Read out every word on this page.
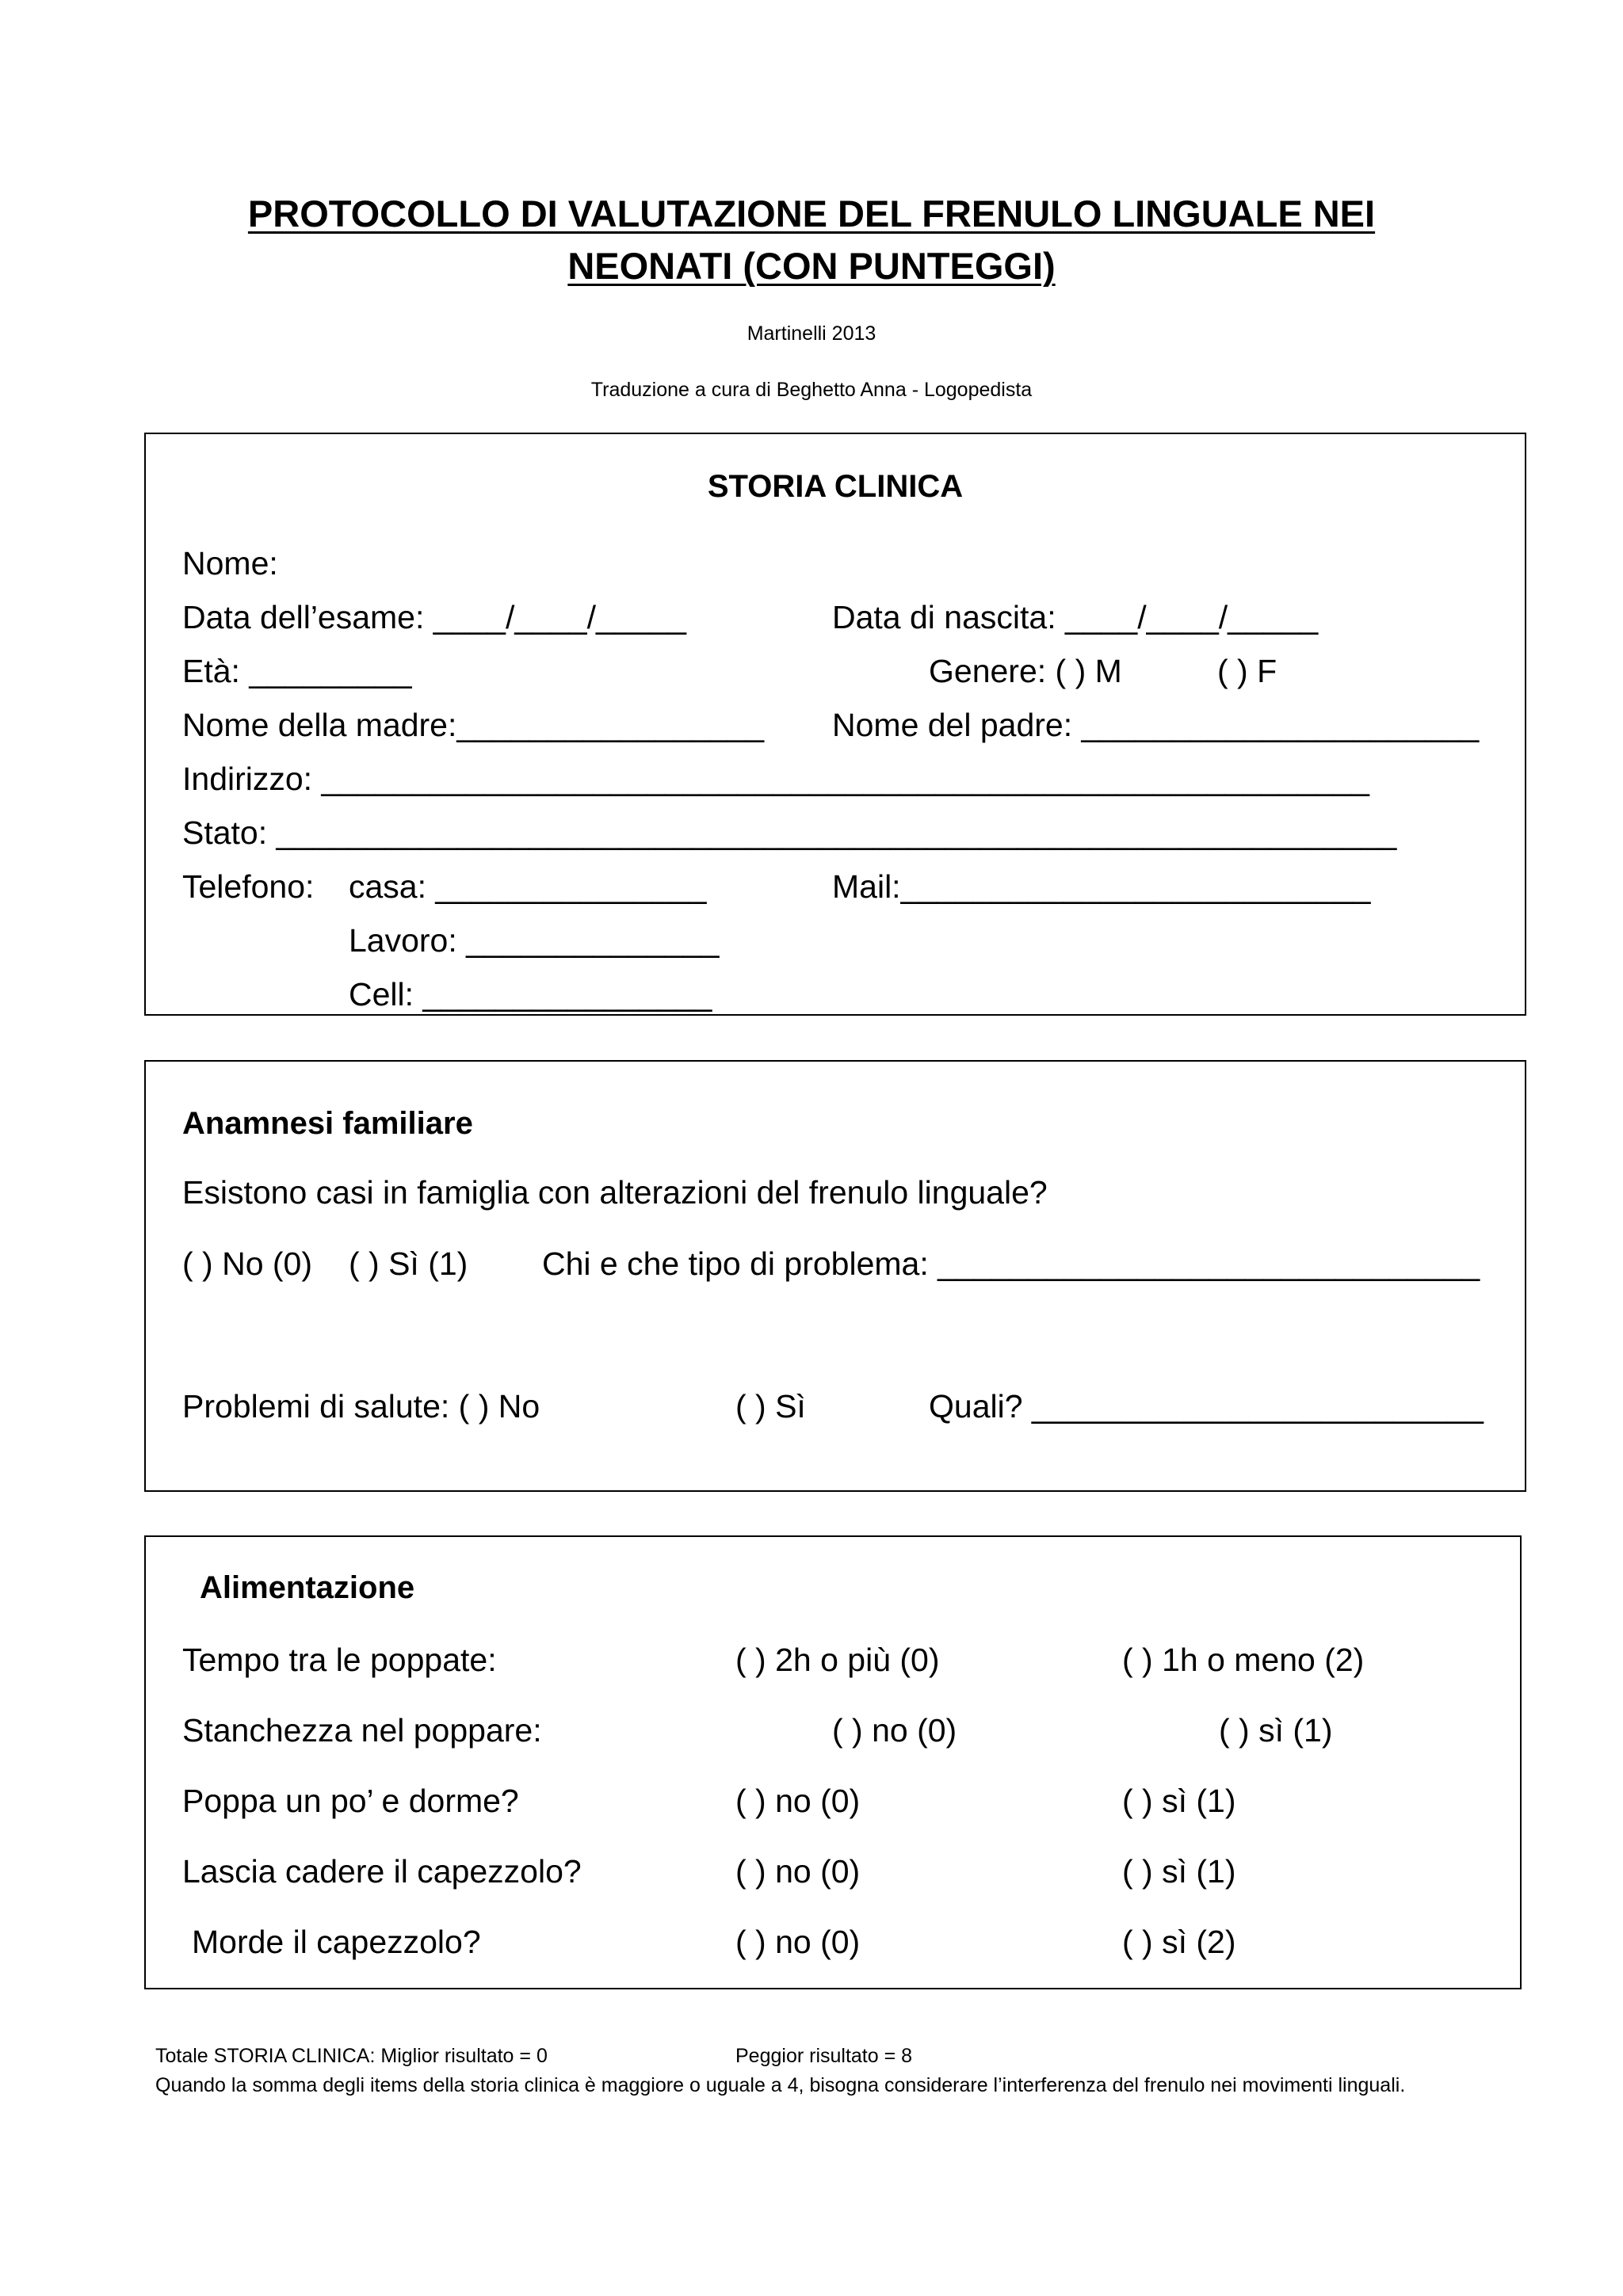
PROTOCOLLO DI VALUTAZIONE DEL FRENULO LINGUALE NEI
NEONATI (CON PUNTEGGI)
Martinelli 2013
Traduzione a cura di Beghetto Anna - Logopedista
STORIA CLINICA
Nome:
Data dell’esame: ____/____/_____	Data di nascita: ____/____/_____
Età: _________	Genere: ( ) M	( ) F
Nome della madre:_________________ Nome del padre: ______________________
Indirizzo: __________________________________________________________
Stato: ______________________________________________________________
Telefono: casa: _______________	Mail:__________________________
Lavoro: ______________
Cell: ________________
Anamnesi familiare
Esistono casi in famiglia con alterazioni del frenulo linguale?
( ) No (0) ( ) Sì (1) Chi e che tipo di problema: ______________________________
Problemi di salute: ( ) No	( ) Sì	Quali? _________________________
Alimentazione
Tempo tra le poppate:	( ) 2h o più (0)	( ) 1h o meno (2)
Stanchezza nel poppare:	( ) no (0)	( ) sì (1)
Poppa un po’ e dorme?	( ) no (0)	( ) sì (1)
Lascia cadere il capezzolo?	( ) no (0)	( ) sì (1)
Morde il capezzolo?	( ) no (0)	( ) sì (2)
Totale STORIA CLINICA: Miglior risultato = 0	Peggior risultato = 8
Quando la somma degli items della storia clinica è maggiore o uguale a 4, bisogna considerare l’interferenza del frenulo nei movimenti linguali.
